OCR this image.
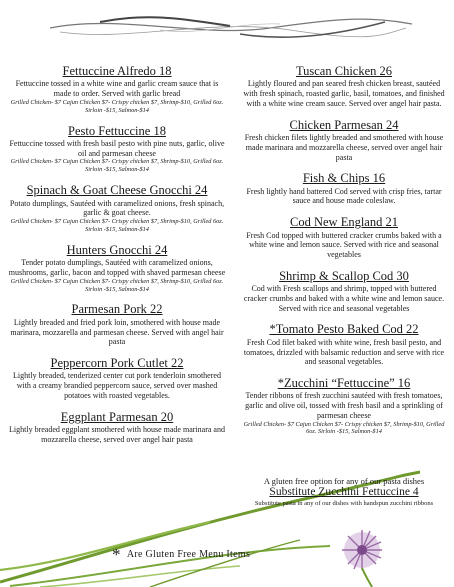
Fettuccine Alfredo 18
Fettuccine tossed in a white wine and garlic cream sauce that is made to order. Served with garlic bread
Grilled Chicken- $7 Cajun Chicken $7- Crispy chicken $7, Shrimp-$10, Grilled 6oz. Sirloin -$15, Salmon-$14
Pesto Fettuccine 18
Fettuccine tossed with fresh basil pesto with pine nuts, garlic, olive oil and parmesan cheese
Grilled Chicken- $7 Cajun Chicken $7- Crispy chicken $7, Shrimp-$10, Grilled 6oz. Sirloin -$15, Salmon-$14
Spinach & Goat Cheese Gnocchi 24
Potato dumplings, Sautéed with caramelized onions, fresh spinach, garlic & goat cheese.
Grilled Chicken- $7 Cajun Chicken $7- Crispy chicken $7, Shrimp-$10, Grilled 6oz. Sirloin -$15, Salmon-$14
Hunters Gnocchi 24
Tender potato dumplings, Sautéed with caramelized onions, mushrooms, garlic, bacon and topped with shaved parmesan cheese
Grilled Chicken- $7 Cajun Chicken $7- Crispy chicken $7, Shrimp-$10, Grilled 6oz. Sirloin -$15, Salmon-$14
Parmesan Pork 22
Lightly breaded and fried pork loin, smothered with house made marinara, mozzarella and parmesan cheese. Served with angel hair pasta
Peppercorn Pork Cutlet 22
Lightly breaded, tenderized center cut pork tenderloin smothered with a creamy brandied peppercorn sauce, served over mashed potatoes with roasted vegetables.
Eggplant Parmesan 20
Lightly breaded eggplant smothered with house made marinara and mozzarella cheese, served over angel hair pasta
Tuscan Chicken 26
Lightly floured and pan seared fresh chicken breast, sautéed with fresh spinach, roasted garlic, basil, tomatoes, and finished with a white wine cream sauce. Served over angel hair pasta.
Chicken Parmesan 24
Fresh chicken filets lightly breaded and smothered with house made marinara and mozzarella cheese, served over angel hair pasta
Fish & Chips 16
Fresh lightly hand battered Cod served with crisp fries, tartar sauce and house made coleslaw.
Cod New England 21
Fresh Cod topped with buttered cracker crumbs baked with a white wine and lemon sauce. Served with rice and seasonal vegetables
Shrimp & Scallop Cod 30
Cod with Fresh scallops and shrimp, topped with buttered cracker crumbs and baked with a white wine and lemon sauce. Served with rice and seasonal vegetables
*Tomato Pesto Baked Cod 22
Fresh Cod filet baked with white wine, fresh basil pesto, and tomatoes, drizzled with balsamic reduction and serve with rice and seasonal vegetables.
*Zucchini “Fettuccine” 16
Tender ribbons of fresh zucchini sautéed with fresh tomatoes, garlic and olive oil, tossed with fresh basil and a sprinkling of parmesan cheese
Grilled Chicken- $7 Cajun Chicken $7- Crispy chicken $7, Shrimp-$10, Grilled 6oz. Sirloin -$15, Salmon-$14
A gluten free option for any of our pasta dishes
Substitute Zucchini Fettuccine 4
Substitute pasta in any of our dishes with handspun zucchini ribbons
* Are Gluten Free Menu Items
